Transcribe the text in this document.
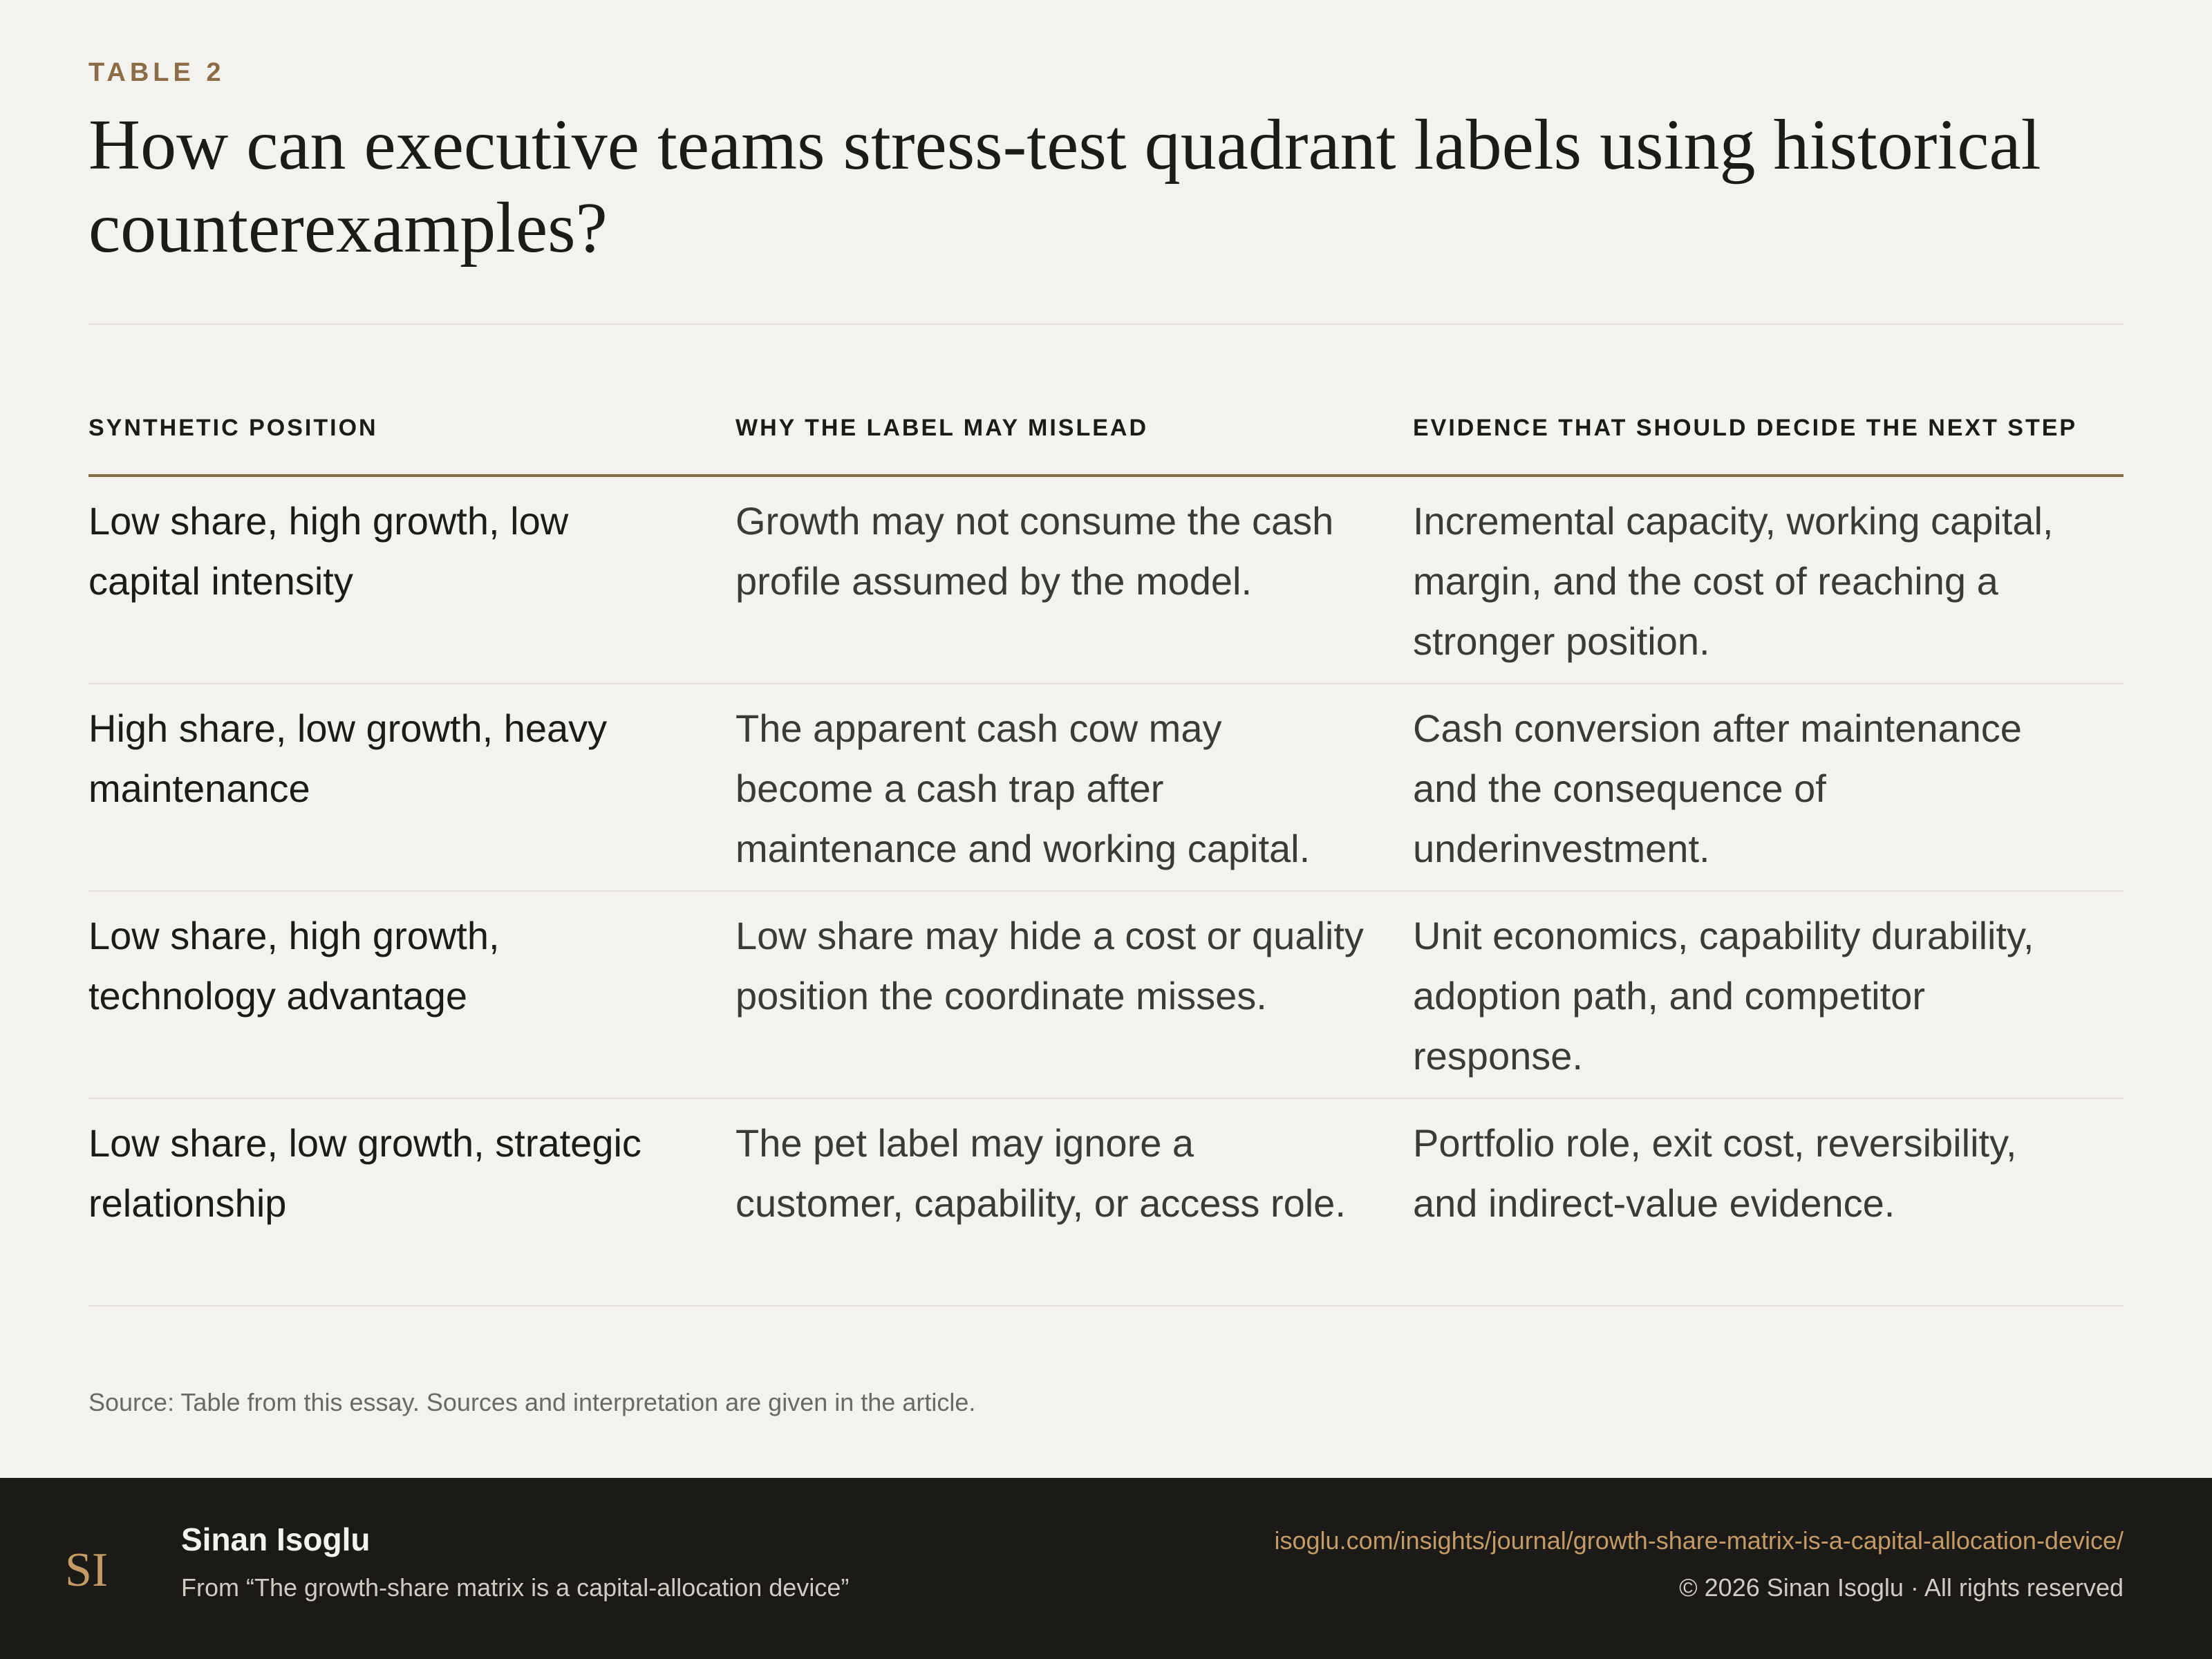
TABLE 2
How can executive teams stress-test quadrant labels using historical counterexamples?
SYNTHETIC POSITION	WHY THE LABEL MAY MISLEAD	EVIDENCE THAT SHOULD DECIDE THE NEXT STEP
Low share, high growth, low capital intensity
Growth may not consume the cash profile assumed by the model.
Incremental capacity, working capital, margin, and the cost of reaching a stronger position.
High share, low growth, heavy maintenance
The apparent cash cow may become a cash trap after maintenance and working capital.
Cash conversion after maintenance and the consequence of underinvestment.
Low share, high growth, technology advantage
Low share may hide a cost or quality position the coordinate misses.
Unit economics, capability durability, adoption path, and competitor response.
Low share, low growth, strategic relationship
The pet label may ignore a customer, capability, or access role.
Portfolio role, exit cost, reversibility, and indirect-value evidence.
Source: Table from this essay. Sources and interpretation are given in the article.
SI
Sinan Isoglu
From “The growth-share matrix is a capital-allocation device”
isoglu.com/insights/journal/growth-share-matrix-is-a-capital-allocation-device/
© 2026 Sinan Isoglu · All rights reserved
